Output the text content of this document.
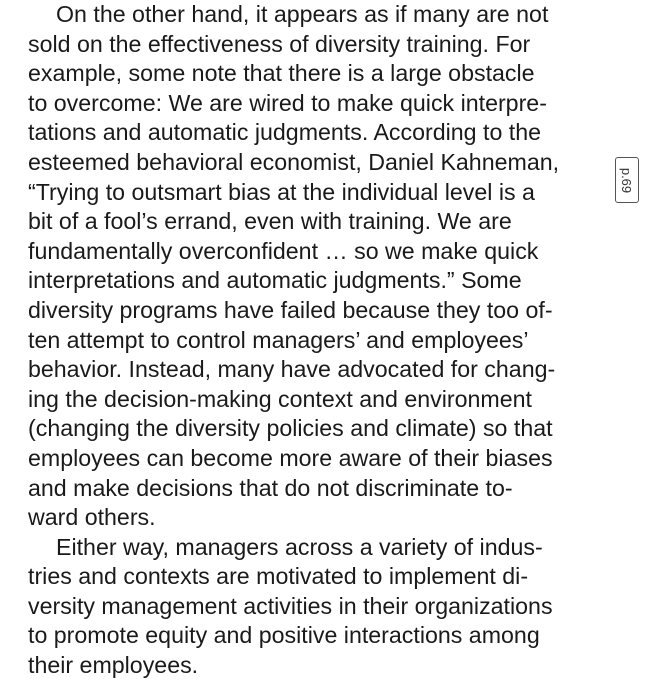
On the other hand, it appears as if many are not
sold on the effectiveness of diversity training. For
example, some note that there is a large obstacle
to overcome: We are wired to make quick interpre-
tations and automatic judgments. According to the
esteemed behavioral economist, Daniel Kahneman,
“Trying to outsmart bias at the individual level is a
bit of a fool’s errand, even with training. We are
fundamentally overconfident … so we make quick
interpretations and automatic judgments.” Some
diversity programs have failed because they too of-
ten attempt to control managers’ and employees’
behavior. Instead, many have advocated for chang-
ing the decision-making context and environment
(changing the diversity policies and climate) so that
employees can become more aware of their biases
and make decisions that do not discriminate to-
ward others.
Either way, managers across a variety of indus-
tries and contexts are motivated to implement di-
versity management activities in their organizations
to promote equity and positive interactions among
their employees.
p.69
